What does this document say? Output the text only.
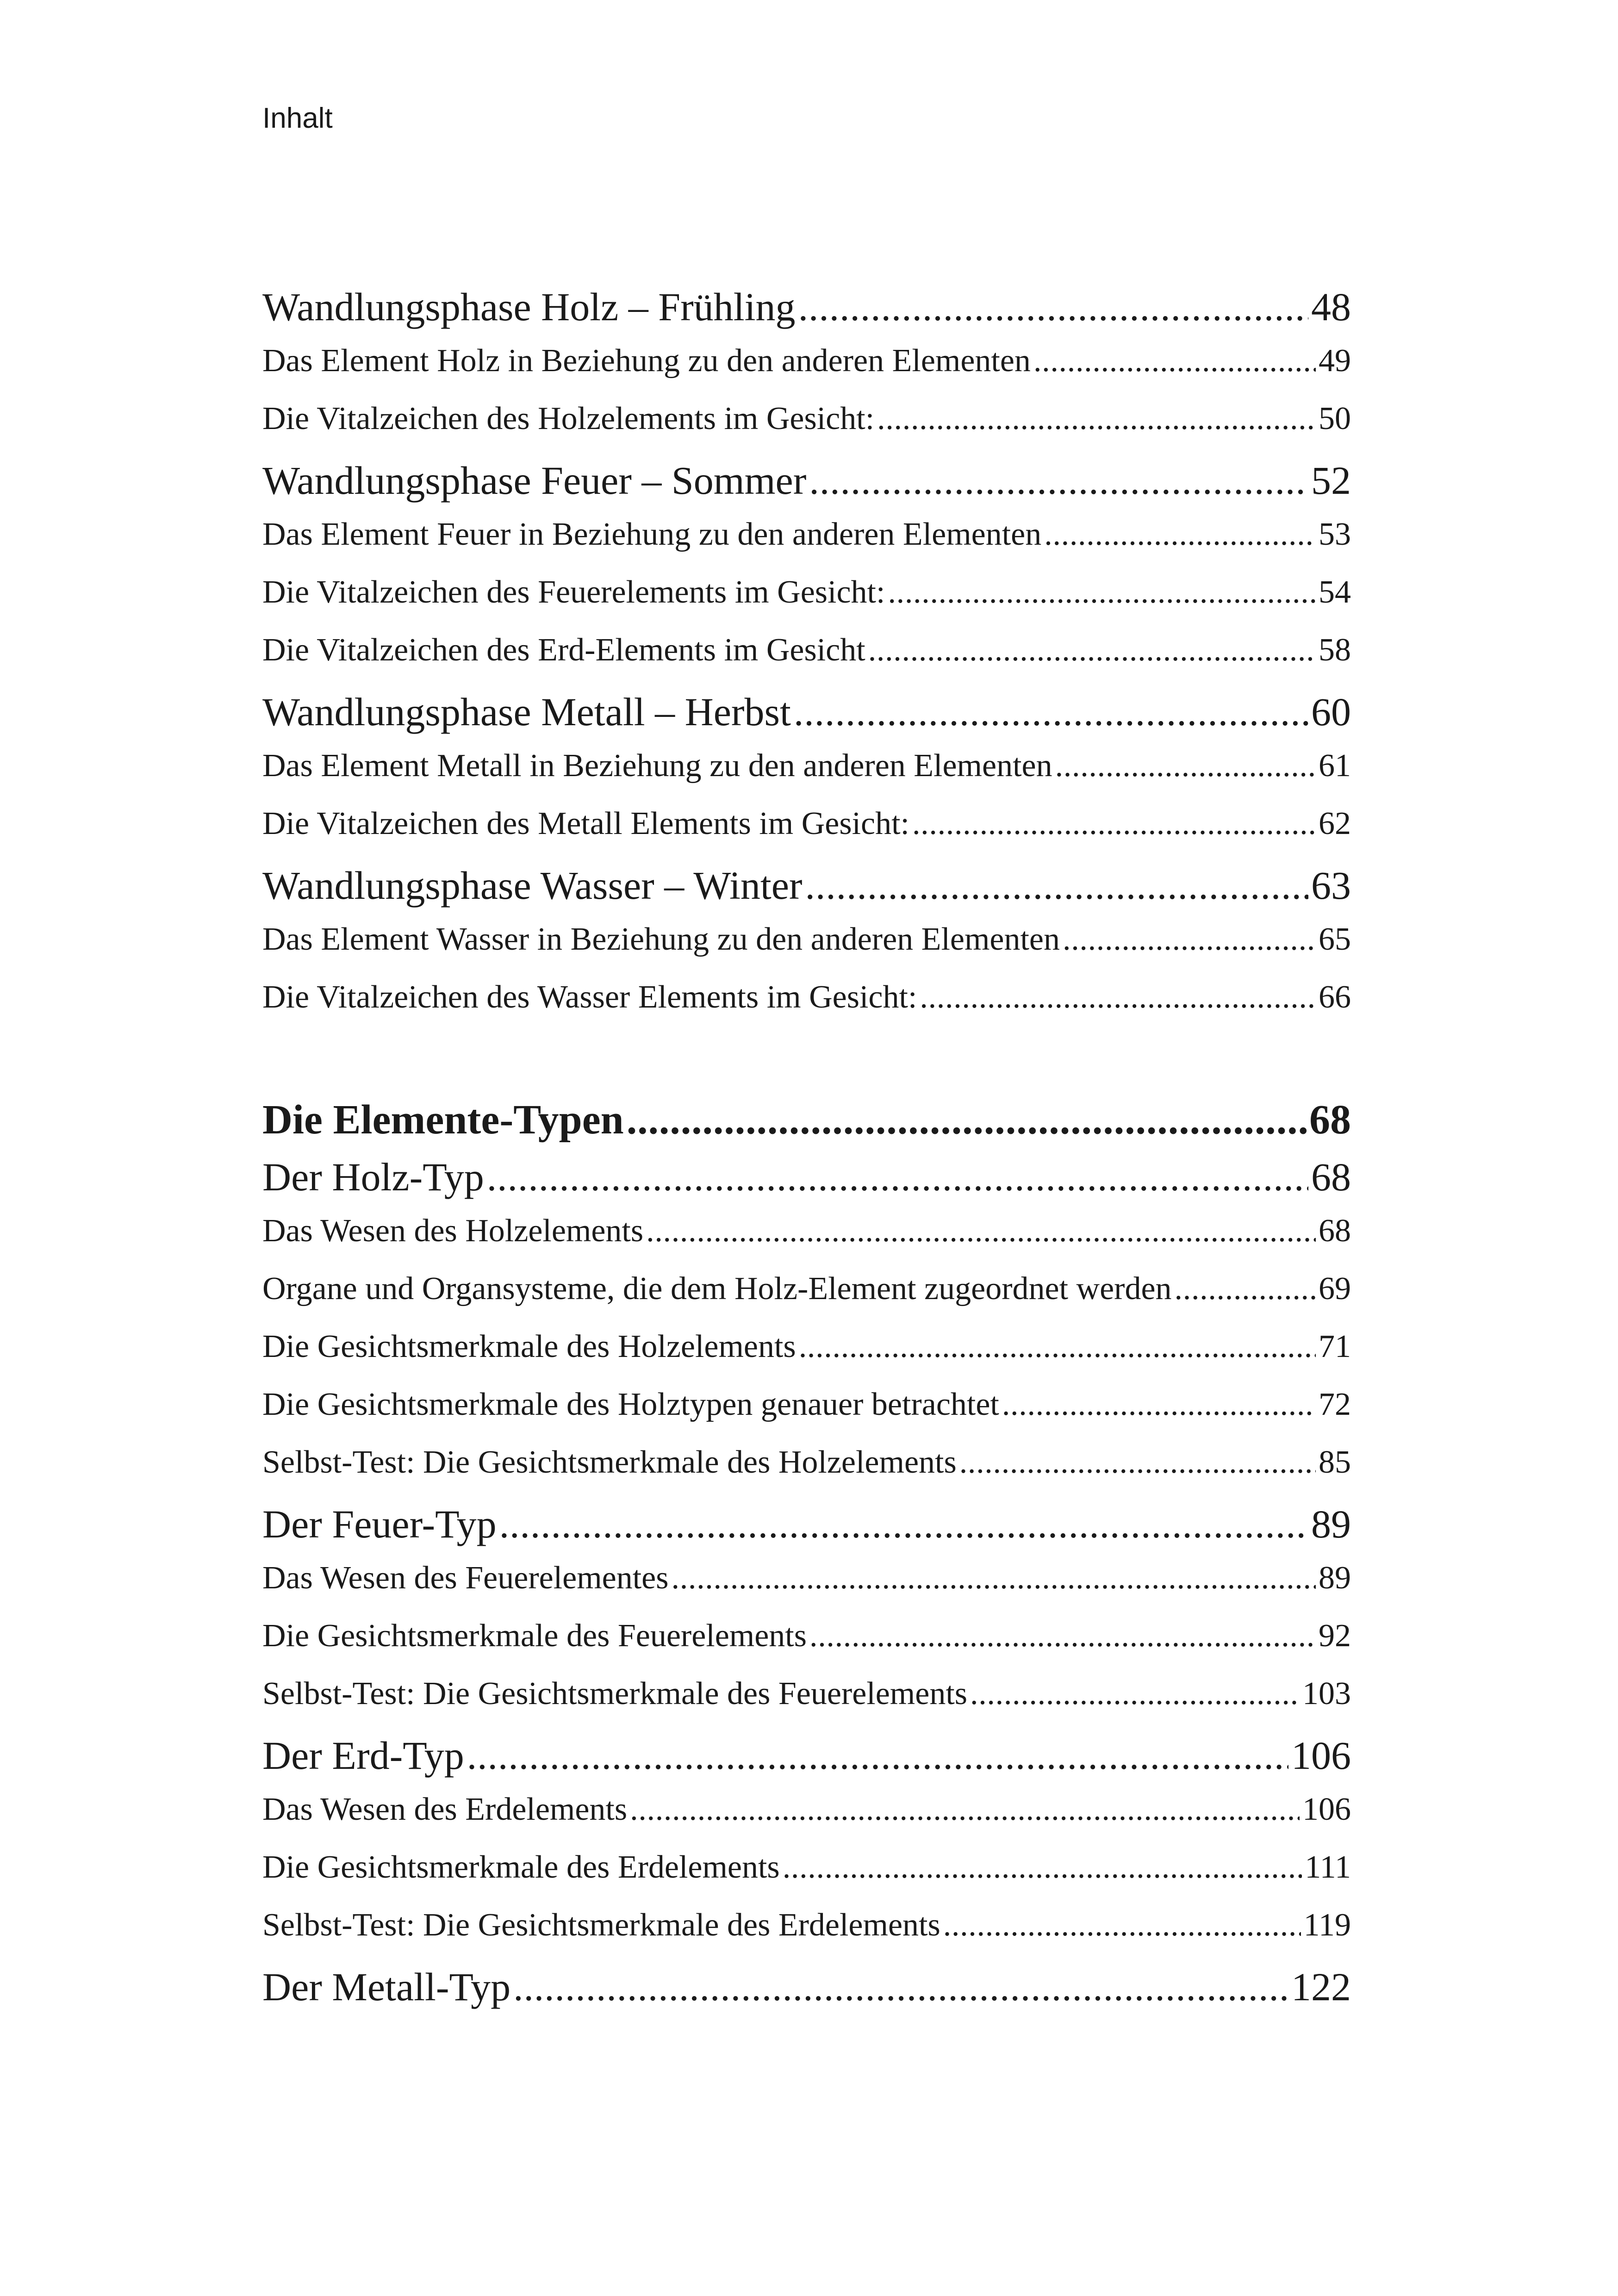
Inhalt
Wandlungsphase Holz – Frühling . . .	48
Das Element Holz in Beziehung zu den anderen Elementen . . .	49
Die Vitalzeichen des Holzelements im Gesicht: . . .	50
Wandlungsphase Feuer – Sommer . . .	52
Das Element Feuer in Beziehung zu den anderen Elementen . . .	53
Die Vitalzeichen des Feuerelements im Gesicht: . . .	54
Die Vitalzeichen des Erd-Elements im Gesicht . . .	58
Wandlungsphase Metall – Herbst . . .	60
Das Element Metall in Beziehung zu den anderen Elementen . . .	61
Die Vitalzeichen des Metall Elements im Gesicht: . . .	62
Wandlungsphase Wasser – Winter . . .	63
Das Element Wasser in Beziehung zu den anderen Elementen . . .	65
Die Vitalzeichen des Wasser Elements im Gesicht: . . .	66
Die Elemente-Typen . . .	68
Der Holz-Typ . . .	68
Das Wesen des Holzelements . . .	68
Organe und Organsysteme, die dem Holz-Element zugeordnet werden . . .	69
Die Gesichtsmerkmale des Holzelements . . .	71
Die Gesichtsmerkmale des Holztypen genauer betrachtet . . .	72
Selbst-Test: Die Gesichtsmerkmale des Holzelements . . .	85
Der Feuer-Typ . . .	89
Das Wesen des Feuerelementes . . .	89
Die Gesichtsmerkmale des Feuerelements . . .	92
Selbst-Test: Die Gesichtsmerkmale des Feuerelements . . .	103
Der Erd-Typ . . .	106
Das Wesen des Erdelements . . .	106
Die Gesichtsmerkmale des Erdelements . . .	111
Selbst-Test: Die Gesichtsmerkmale des Erdelements . . .	119
Der Metall-Typ . . .	122
